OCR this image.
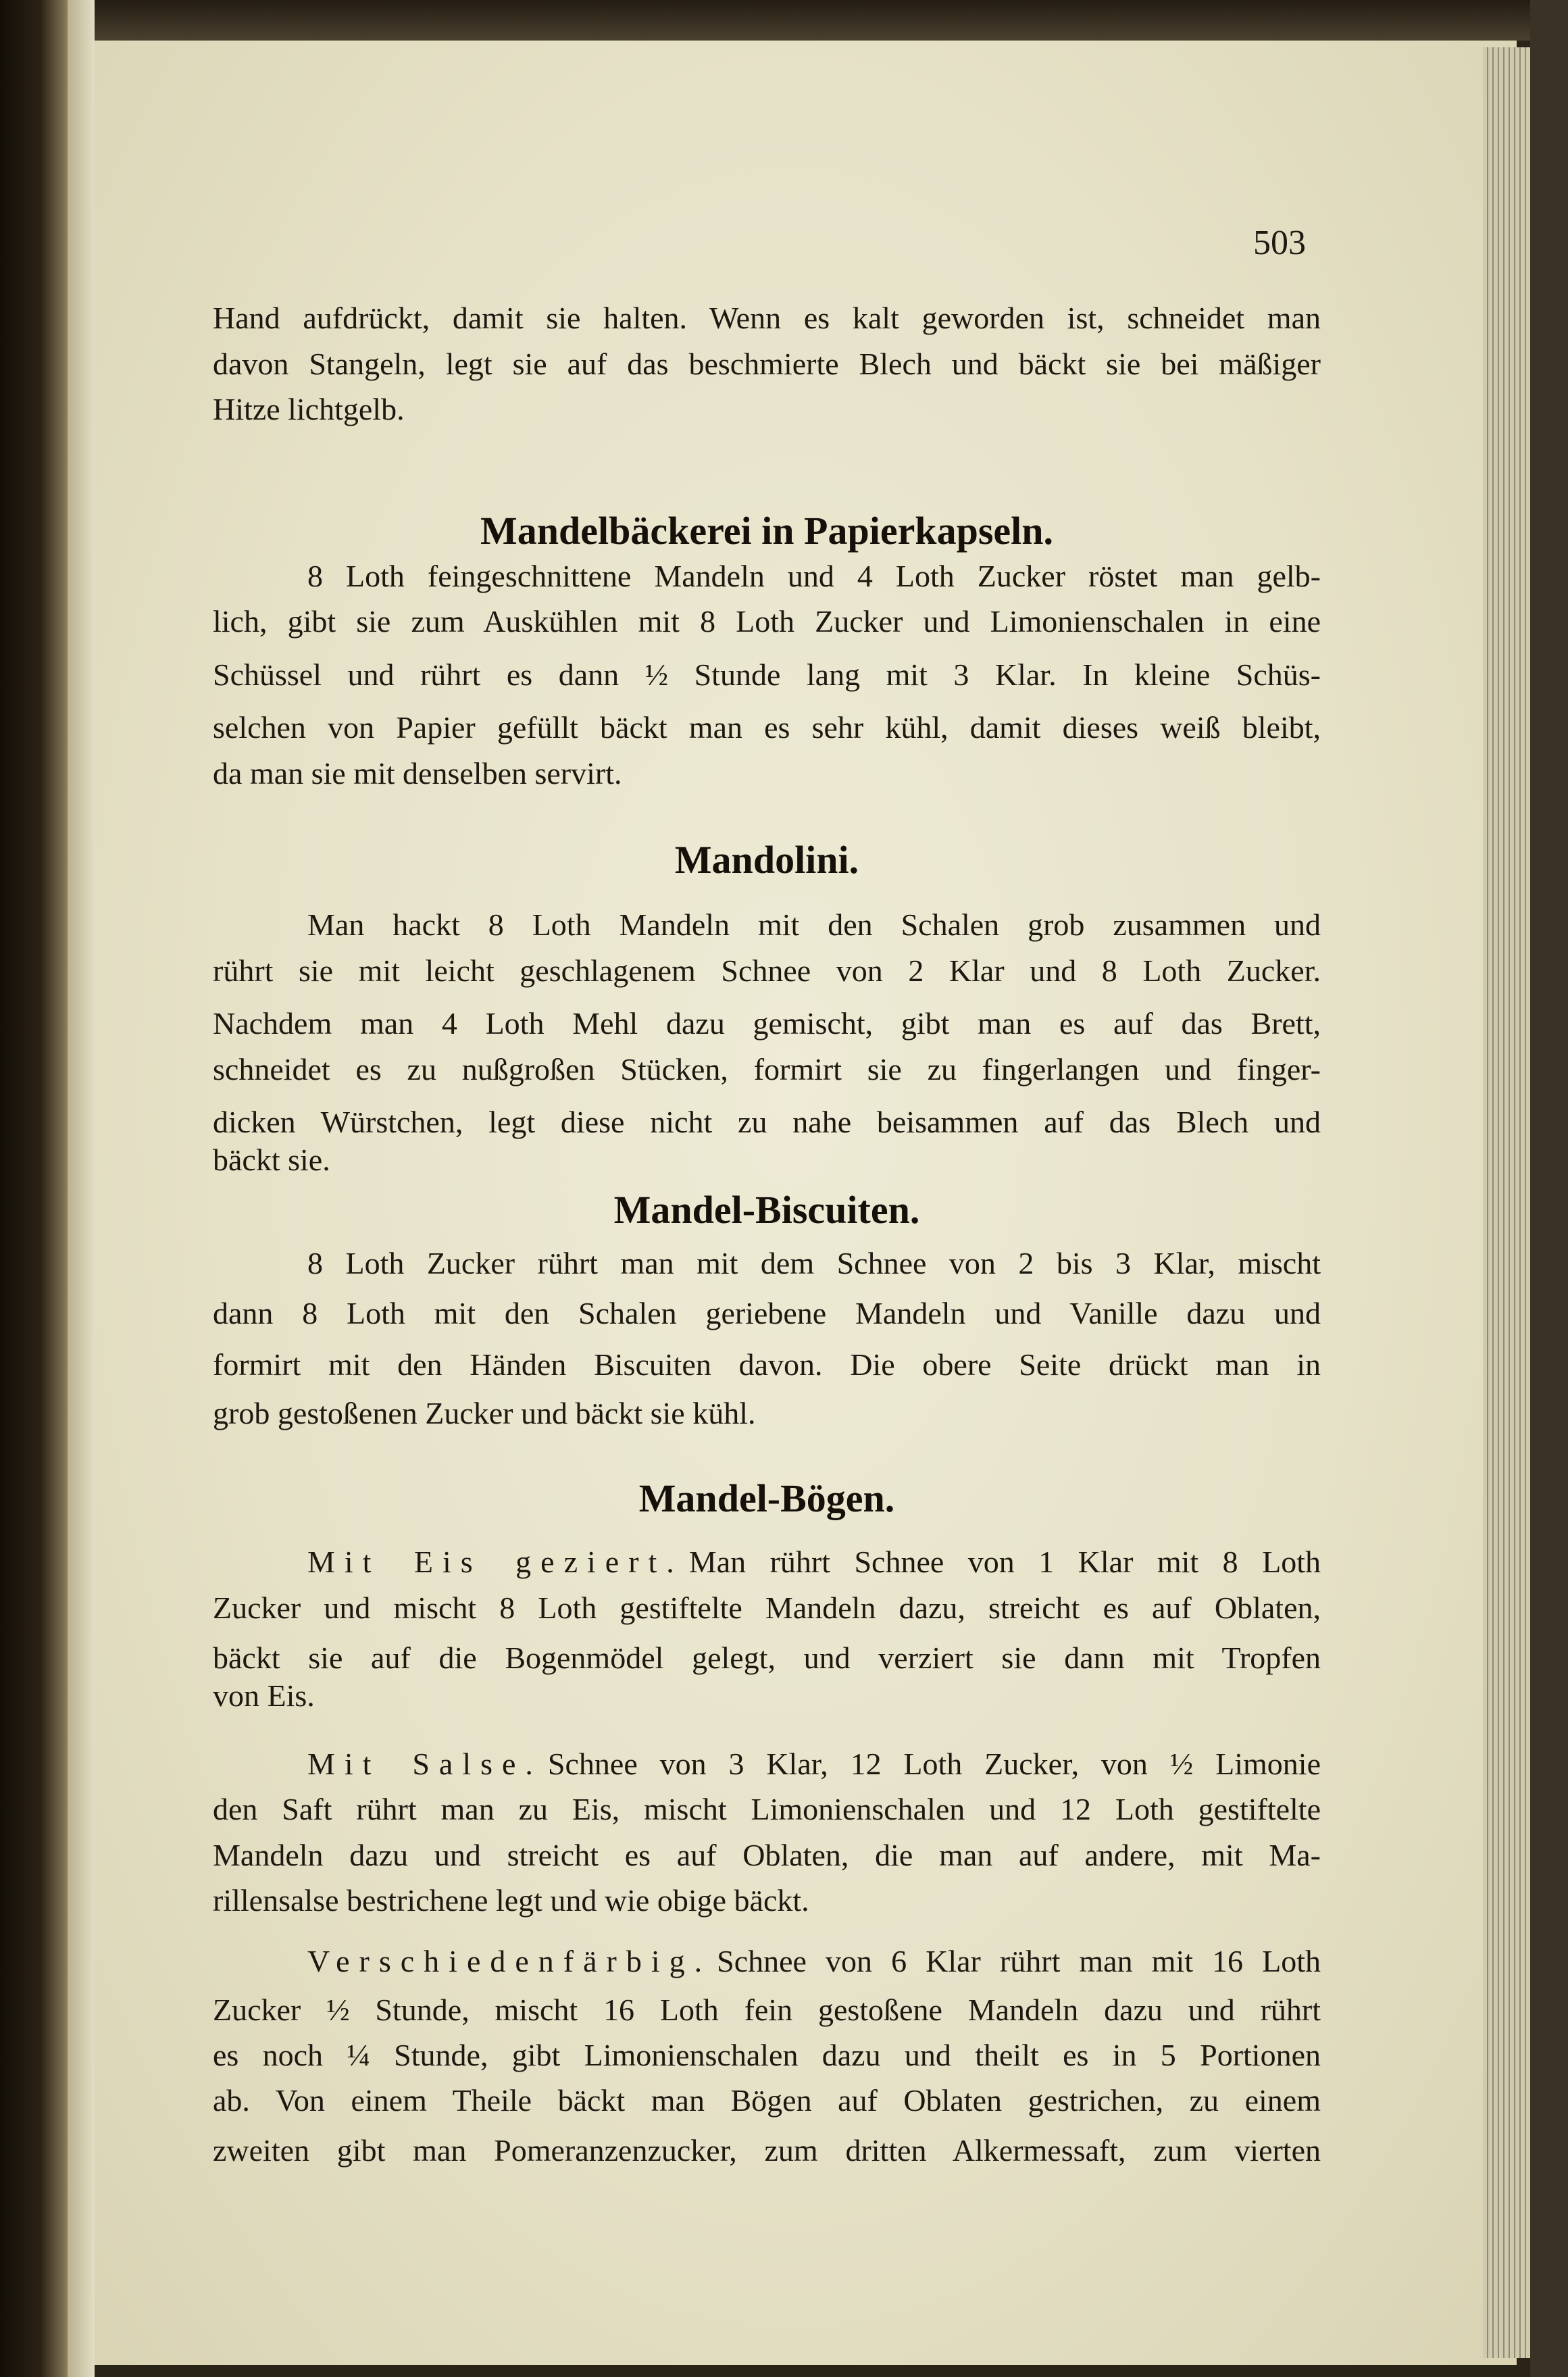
503
Hand aufdrückt, damit sie halten. Wenn es kalt geworden ist, schneidet man
davon Stangeln, legt sie auf das beschmierte Blech und bäckt sie bei mäßiger
Hitze lichtgelb.
Mandelbäckerei in Papierkapseln.
8 Loth feingeschnittene Mandeln und 4 Loth Zucker röstet man gelb-
lich, gibt sie zum Auskühlen mit 8 Loth Zucker und Limonienschalen in eine
Schüssel und rührt es dann ½ Stunde lang mit 3 Klar. In kleine Schüs-
selchen von Papier gefüllt bäckt man es sehr kühl, damit dieses weiß bleibt,
da man sie mit denselben servirt.
Mandolini.
Man hackt 8 Loth Mandeln mit den Schalen grob zusammen und
rührt sie mit leicht geschlagenem Schnee von 2 Klar und 8 Loth Zucker.
Nachdem man 4 Loth Mehl dazu gemischt, gibt man es auf das Brett,
schneidet es zu nußgroßen Stücken, formirt sie zu fingerlangen und finger-
dicken Würstchen, legt diese nicht zu nahe beisammen auf das Blech und
bäckt sie.
Mandel-Biscuiten.
8 Loth Zucker rührt man mit dem Schnee von 2 bis 3 Klar, mischt
dann 8 Loth mit den Schalen geriebene Mandeln und Vanille dazu und
formirt mit den Händen Biscuiten davon. Die obere Seite drückt man in
grob gestoßenen Zucker und bäckt sie kühl.
Mandel-Bögen.
Mit Eis geziert. Man rührt Schnee von 1 Klar mit 8 Loth
Zucker und mischt 8 Loth gestiftelte Mandeln dazu, streicht es auf Oblaten,
bäckt sie auf die Bogenmödel gelegt, und verziert sie dann mit Tropfen
von Eis.
Mit Salse. Schnee von 3 Klar, 12 Loth Zucker, von ½ Limonie
den Saft rührt man zu Eis, mischt Limonienschalen und 12 Loth gestiftelte
Mandeln dazu und streicht es auf Oblaten, die man auf andere, mit Ma-
rillensalse bestrichene legt und wie obige bäckt.
Verschiedenfärbig. Schnee von 6 Klar rührt man mit 16 Loth
Zucker ½ Stunde, mischt 16 Loth fein gestoßene Mandeln dazu und rührt
es noch ¼ Stunde, gibt Limonienschalen dazu und theilt es in 5 Portionen
ab. Von einem Theile bäckt man Bögen auf Oblaten gestrichen, zu einem
zweiten gibt man Pomeranzenzucker, zum dritten Alkermessaft, zum vierten
